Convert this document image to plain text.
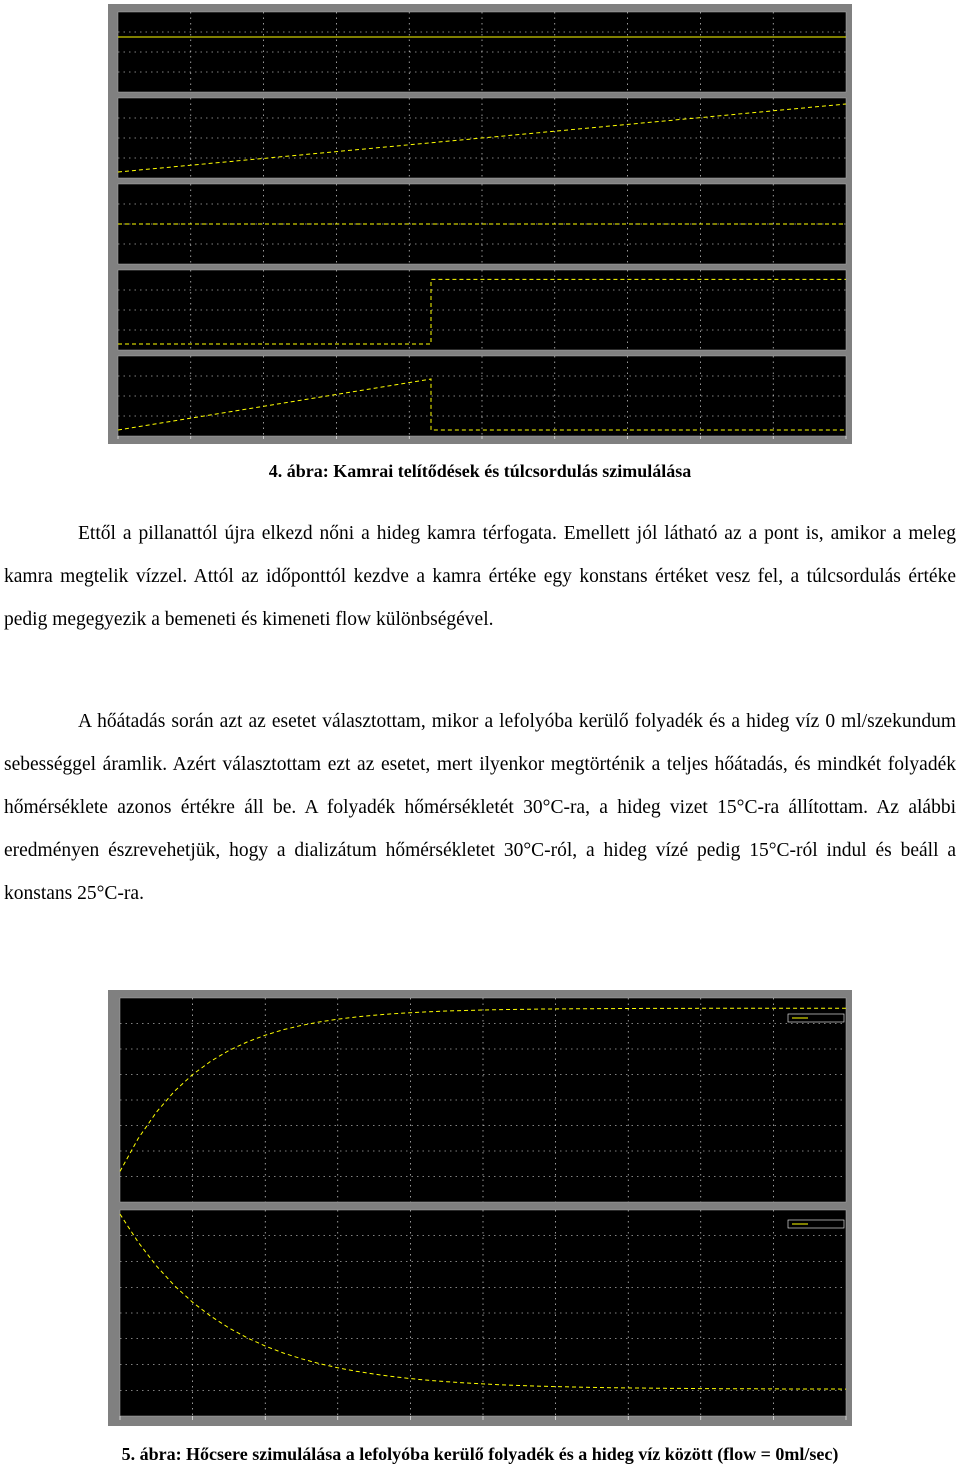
4. ábra: Kamrai telítődések és túlcsordulás szimulálása

Ettől a pillanattól újra elkezd nőni a hideg kamra térfogata. Emellett jól látható az a pont is, amikor a meleg kamra megtelik vízzel. Attól az időponttól kezdve a kamra értéke egy konstans értéket vesz fel, a túlcsordulás értéke pedig megegyezik a bemeneti és kimeneti flow különbségével.

A hőátadás során azt az esetet választottam, mikor a lefolyóba kerülő folyadék és a hideg víz 0 ml/szekundum sebességgel áramlik. Azért választottam ezt az esetet, mert ilyenkor megtörténik a teljes hőátadás, és mindkét folyadék hőmérséklete azonos értékre áll be. A folyadék hőmérsékletét 30°C-ra, a hideg vizet 15°C-ra állítottam. Az alábbi eredményen észrevehetjük, hogy a dializátum hőmérsékletet 30°C-ról, a hideg vízé pedig 15°C-ról indul és beáll a konstans 25°C-ra.

5. ábra: Hőcsere szimulálása a lefolyóba kerülő folyadék és a hideg víz között (flow = 0ml/sec)
